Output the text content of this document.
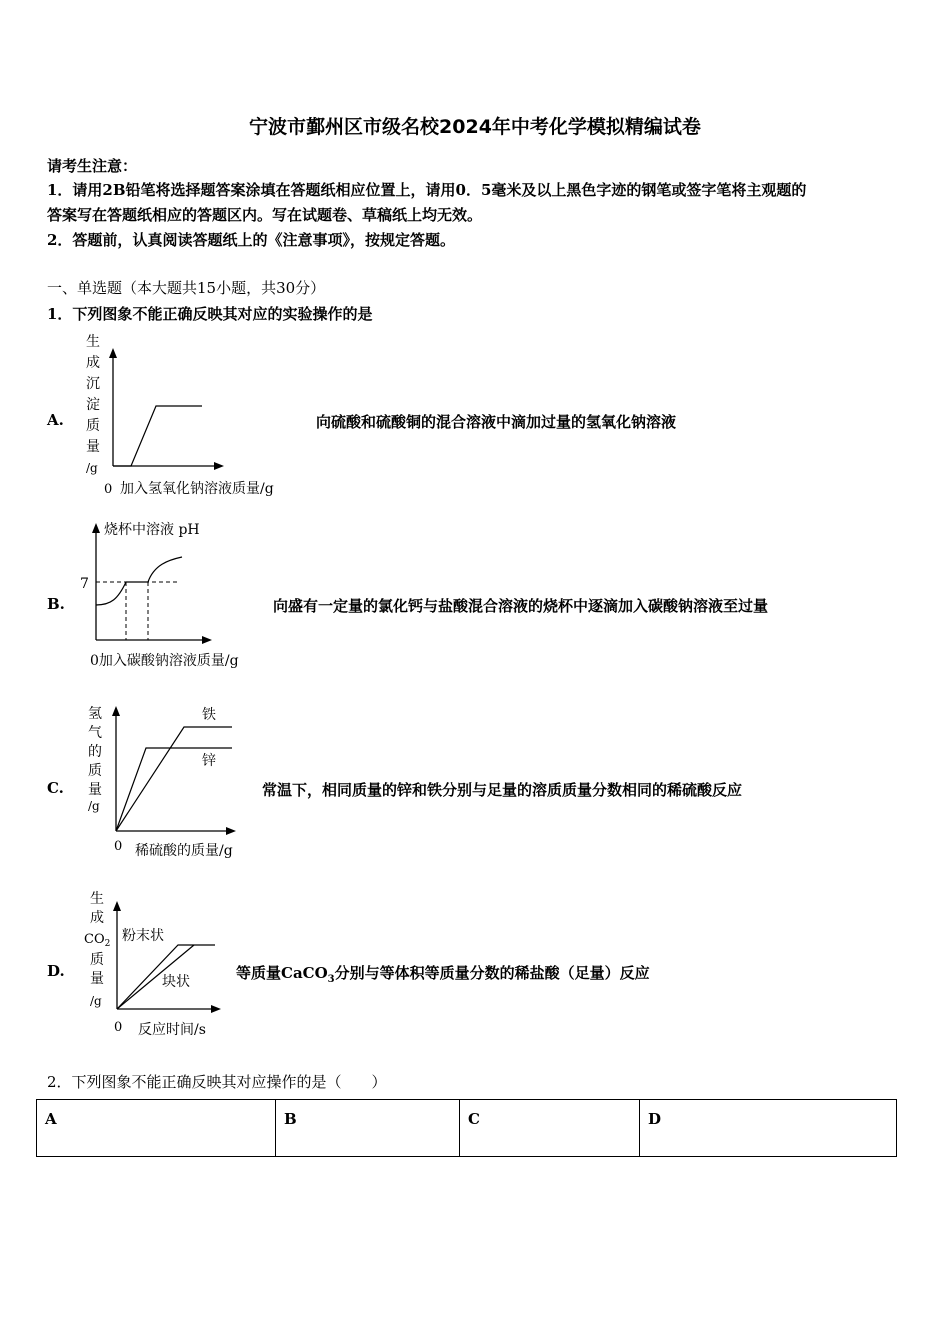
宁波市鄞州区市级名校2024年中考化学模拟精编试卷
请考生注意：
1．请用2B铅笔将选择题答案涂填在答题纸相应位置上，请用0．5毫米及以上黑色字迹的钢笔或签字笔将主观题的
答案写在答题纸相应的答题区内。写在试题卷、草稿纸上均无效。
2．答题前，认真阅读答题纸上的《注意事项》，按规定答题。
一、单选题（本大题共15小题，共30分）
1．下列图象不能正确反映其对应的实验操作的是
A.
生
成
沉
淀
质
量
/g
0 加入氢氧化钠溶液质量/g
向硫酸和硫酸铜的混合溶液中滴加过量的氢氧化钠溶液
B.
烧杯中溶液 pH
7
0加入碳酸钠溶液质量/g
向盛有一定量的氯化钙与盐酸混合溶液的烧杯中逐滴加入碳酸钠溶液至过量
C.
氢
气
的
质
量
/g
0 稀硫酸的质量/g
铁
锌
常温下，相同质量的锌和铁分别与足量的溶质质量分数相同的稀硫酸反应
D.
生
成
$CO_2$
质
量
/g
0 反应时间/s
粉末状
块状	等质量CaCO$_3$分别与等体积等质量分数的稀盐酸（足量）反应
2．下列图象不能正确反映其对应操作的是（　　）
A	B	C	D
